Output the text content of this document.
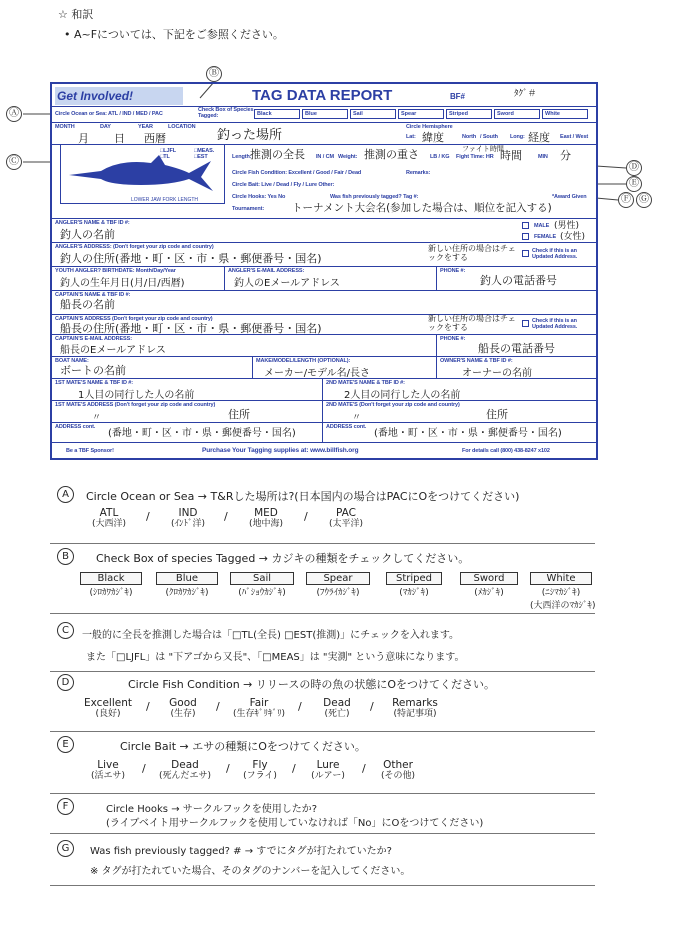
☆ 和訳
• A~Fについては、下記をご参照ください。
Ⓐ
Ⓒ
Ⓑ
Ⓓ
Ⓔ
Ⓕ Ⓖ
Get Involved!	TAG DATA REPORT	BF#	ﾀｸﾞ＃
Circle Ocean or Sea: ATL / IND / MED / PAC
Check Box of Species Tagged:	Black	Blue	Sail	Spear	Striped	Sword	White
MONTH	DAY	YEAR	LOCATION
月 日 西暦	釣った場所
Circle Hemisphere
Lat: 緯度	North / South Long: 経度 East / West
LOWER JAW FORK LENGTH
□LJFL
□TL
□MEAS.
□EST	Length:
推測の全長 IN / CM Weight: 推測の重さ LB / KG
ファイト時間
Fight Time: HR 時間	MIN 分
Circle Fish Condition: Excellent / Good / Fair / Dead	Remarks:
Circle Bait: Live / Dead / Fly / Lure Other:
Circle Hooks: Yes No	Was fish previously tagged? Tag #:	*Award Given
Tournament:	トーナメント大会名(参加した場合は、順位を記入する)
ANGLER'S NAME & TBF ID #:
釣人の名前
MALE (男性)
FEMALE (女性)
ANGLER'S ADDRESS: (Don't forget your zip code and country)
釣人の住所(番地・町・区・市・県・郵便番号・国名)
新しい住所の場合はチェックをする
Check if this is an Updated Address.
YOUTH ANGLER? BIRTHDATE: Month/Day/Year
釣人の生年月日(月/日/西暦)
ANGLER'S E-MAIL ADDRESS:
釣人のEメールアドレス
PHONE #:
釣人の電話番号
CAPTAIN'S NAME & TBF ID #:
船長の名前
CAPTAIN'S ADDRESS (Don't forget your zip code and country)
船長の住所(番地・町・区・市・県・郵便番号・国名)
新しい住所の場合はチェックをする
Check if this is an Updated Address.
CAPTAIN'S E-MAIL ADDRESS:
船長のEメールアドレス
PHONE #:
船長の電話番号
BOAT NAME:
ボートの名前
MAKE/MODEL/LENGTH (OPTIONAL):
メーカー/モデル名/長さ
OWNER'S NAME & TBF ID #:
オーナーの名前
1ST MATE'S NAME & TBF ID #:
1人目の同行した人の名前
2ND MATE'S NAME & TBF ID #:
2人目の同行した人の名前
1ST MATE'S ADDRESS (Don't forget your zip code and country)
〃	住所
2ND MATE'S (Don't forget your zip code and country)
〃	住所
ADDRESS cont.
(番地・町・区・市・県・郵便番号・国名)
ADDRESS cont.
(番地・町・区・市・県・郵便番号・国名)
Be a TBF Sponsor!	Purchase Your Tagging supplies at: www.billfish.org	For details call (800) 438-8247 x102
A	Circle Ocean or Sea → T&Rした場所は?(日本国内の場合はPACにOをつけてください)
ATL
(大西洋)
/	IND
(ｲﾝﾄﾞ洋)
/	MED
(地中海)
/	PAC
(太平洋)
B	Check Box of species Tagged → カジキの種類をチェックしてください。
Black
(ｼﾛｶﾜｶｼﾞｷ)
Blue
(ｸﾛｶﾜｶｼﾞｷ)
Sail
(ﾊﾞｼｮｳｶｼﾞｷ)
Spear
(ﾌｳﾗｲｶｼﾞｷ)
Striped
(ﾏｶｼﾞｷ)
Sword
(ﾒｶｼﾞｷ)
White
(ﾆｼﾏｶｼﾞｷ)
(大西洋のﾏｶｼﾞｷ)
C	一般的に全長を推測した場合は「□TL(全長) □EST(推測)」にチェックを入れます。
また「□LJFL」は "下アゴから又長"、「□MEAS」は "実測" という意味になります。
D	Circle Fish Condition → リリースの時の魚の状態にOをつけてください。
Excellent
(良好)
/	Good
(生存)
/	Fair
(生存ｷﾞﾘｷﾞﾘ)
/	Dead
(死亡)
/	Remarks
(特記事項)
E	Circle Bait → エサの種類にOをつけてください。
Live
(活エサ)
/	Dead
(死んだエサ)
/	Fly
(フライ)
/	Lure
(ルアー)
/	Other
(その他)
F	Circle Hooks → サークルフックを使用したか?
(ライブベイト用サークルフックを使用していなければ「No」にOをつけてください)
G	Was fish previously tagged? # → すでにタグが打たれていたか?
※ タグが打たれていた場合、そのタグのナンバーを記入してください。
